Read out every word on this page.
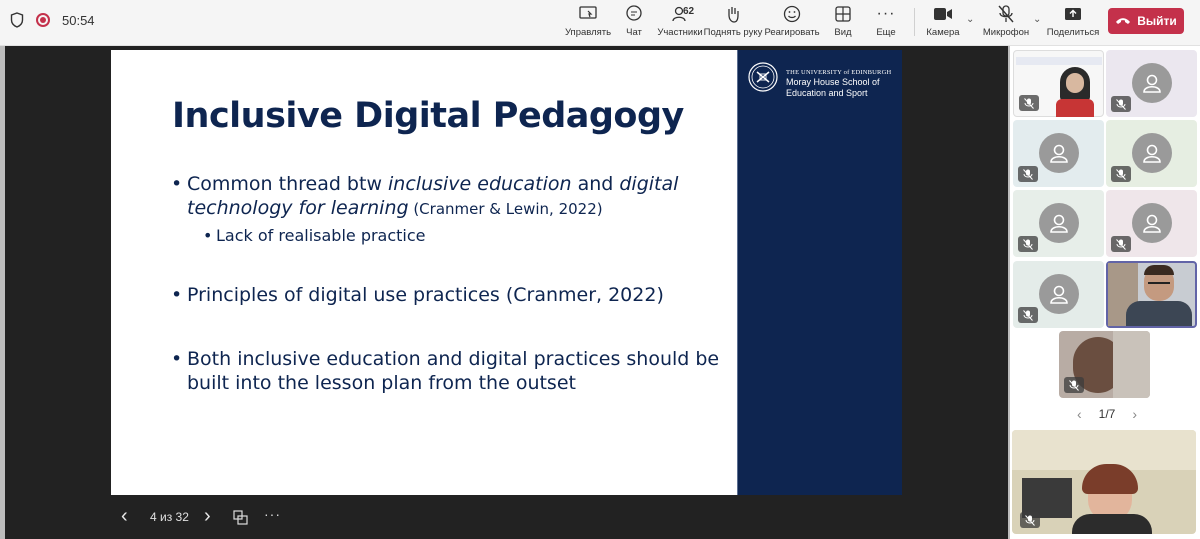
50:54
Управлять Чат
62
Участники Поднять руку Реагировать Вид
···
Еще	Камера
⌄
Микрофон
⌄
Поделиться
Выйти
THE UNIVERSITY of EDINBURGH
Moray House School of
Education and Sport
Inclusive Digital Pedagogy
• Common thread btw inclusive education and digital technology for learning (Cranmer & Lewin, 2022)
• Lack of realisable practice
• Principles of digital use practices (Cranmer, 2022)
• Both inclusive education and digital practices should be built into the lesson plan from the outset
‹ 4 из 32 ›	···
‹ 1/7 ›
